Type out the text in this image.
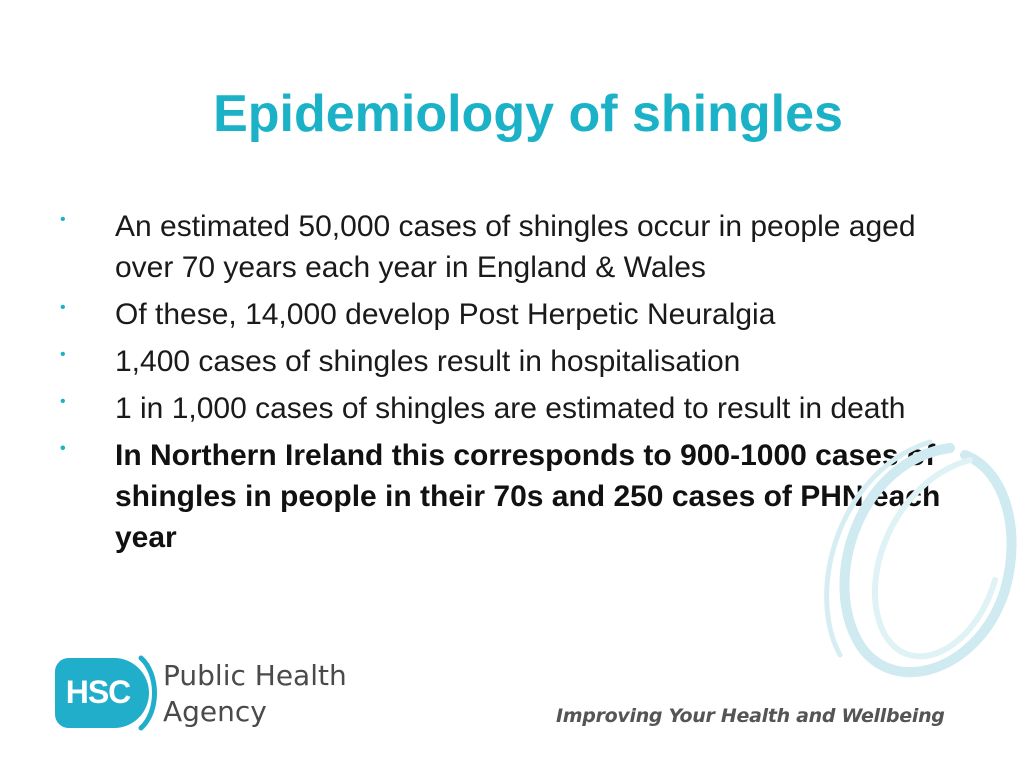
Epidemiology of shingles
• An estimated 50,000 cases of shingles occur in people aged over 70 years each year in England & Wales
• Of these, 14,000 develop Post Herpetic Neuralgia
• 1,400 cases of shingles result in hospitalisation
• 1 in 1,000 cases of shingles are estimated to result in death
• In Northern Ireland this corresponds to 900-1000 cases of shingles in people in their 70s and 250 cases of PHN each year
HSC	Public Health
Agency	Improving Your Health and Wellbeing
